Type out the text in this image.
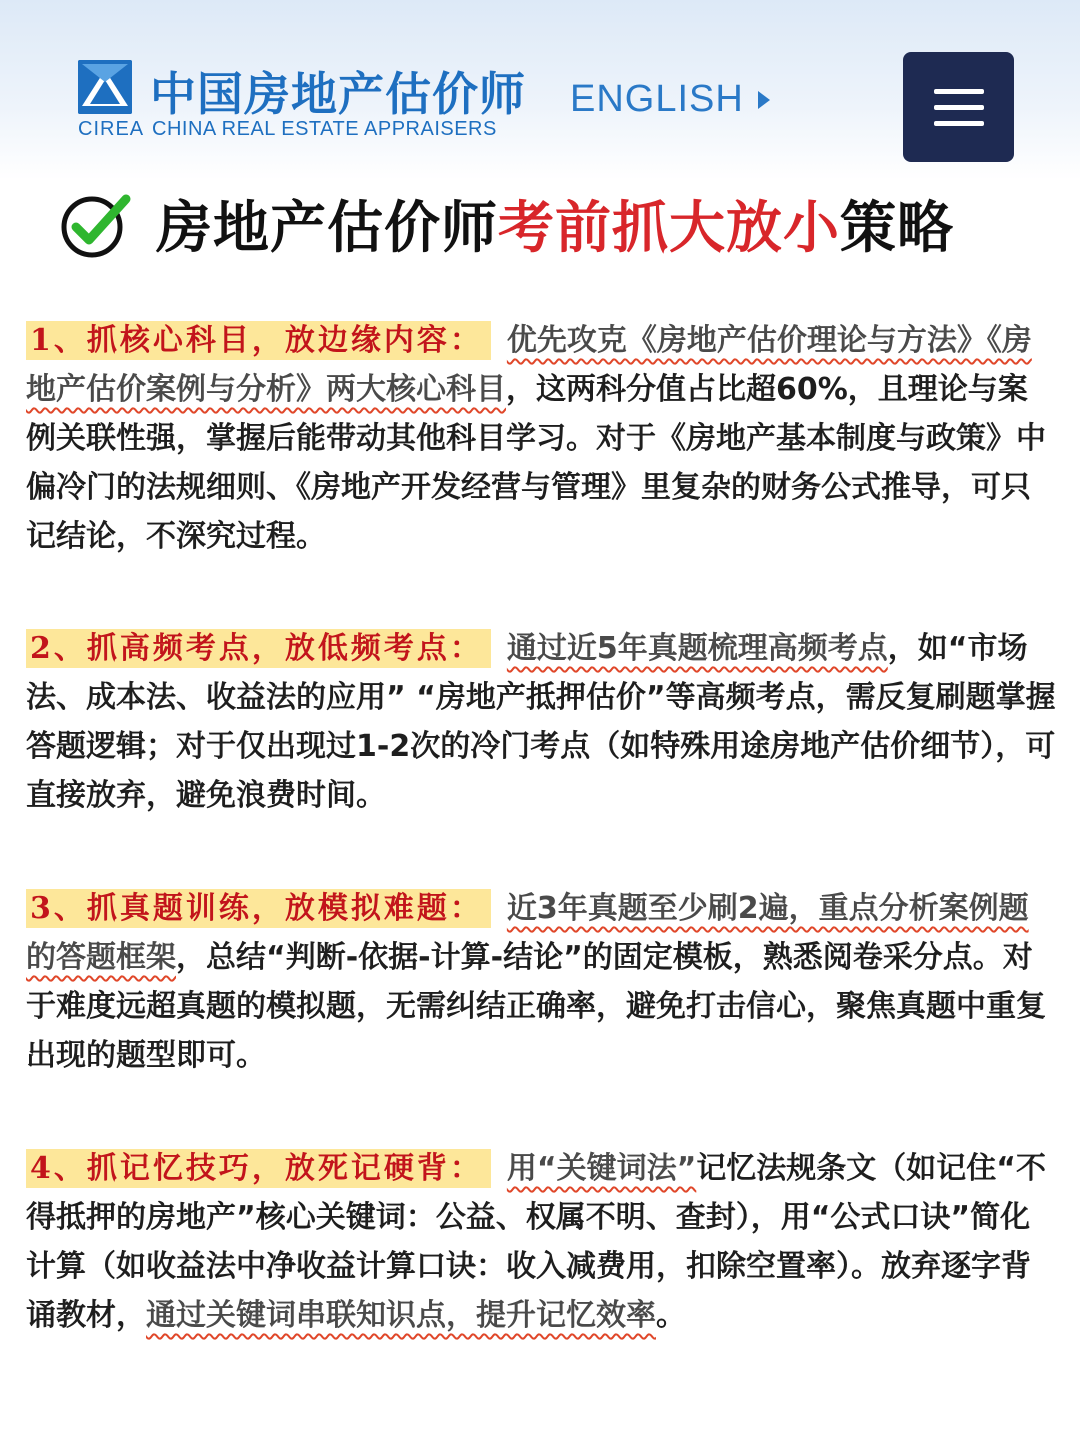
中国房地产估价师
CIREA CHINA REAL ESTATE APPRAISERS
ENGLISH
房地产估价师考前抓大放小策略
1、抓核心科目，放边缘内容： 优先攻克《房地产估价理论与方法》《房地产估价案例与分析》两大核心科目，这两科分值占比超60%，且理论与案例关联性强，掌握后能带动其他科目学习。对于《房地产基本制度与政策》中偏冷门的法规细则、《房地产开发经营与管理》里复杂的财务公式推导，可只记结论，不深究过程。
2、抓高频考点，放低频考点： 通过近5年真题梳理高频考点，如“市场法、成本法、收益法的应用” “房地产抵押估价”等高频考点，需反复刷题掌握答题逻辑；对于仅出现过1-2次的冷门考点（如特殊用途房地产估价细节），可直接放弃，避免浪费时间。
3、抓真题训练，放模拟难题： 近3年真题至少刷2遍，重点分析案例题的答题框架，总结“判断-依据-计算-结论”的固定模板，熟悉阅卷采分点。对于难度远超真题的模拟题，无需纠结正确率，避免打击信心，聚焦真题中重复出现的题型即可。
4、抓记忆技巧，放死记硬背： 用“关键词法”记忆法规条文（如记住“不得抵押的房地产”核心关键词：公益、权属不明、查封），用“公式口诀”简化计算（如收益法中净收益计算口诀：收入减费用，扣除空置率）。放弃逐字背诵教材，通过关键词串联知识点，提升记忆效率。
